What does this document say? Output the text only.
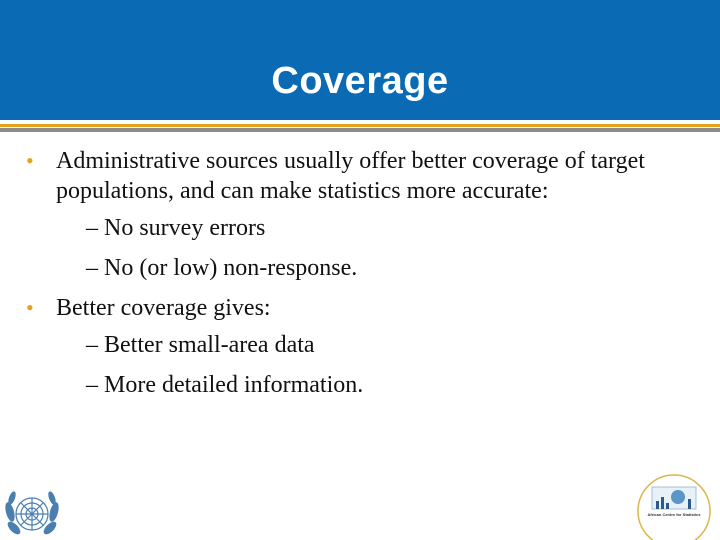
Coverage
• Administrative sources usually offer better coverage of target populations, and can make statistics more accurate:
– No survey errors
– No (or low) non-response.
• Better coverage gives:
– Better small-area data
– More detailed information.
African Centre for Statistics
